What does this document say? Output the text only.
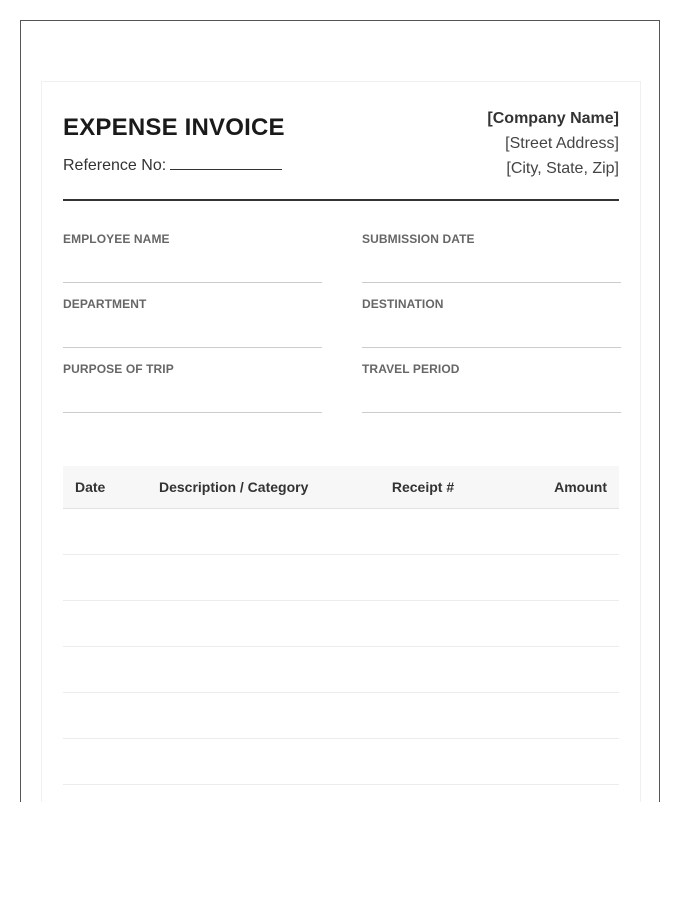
EXPENSE INVOICE
Reference No:
[Company Name]
[Street Address]
[City, State, Zip]
EMPLOYEE NAME	SUBMISSION DATE
DEPARTMENT	DESTINATION
PURPOSE OF TRIP	TRAVEL PERIOD
Date	Description / Category	Receipt #	Amount
